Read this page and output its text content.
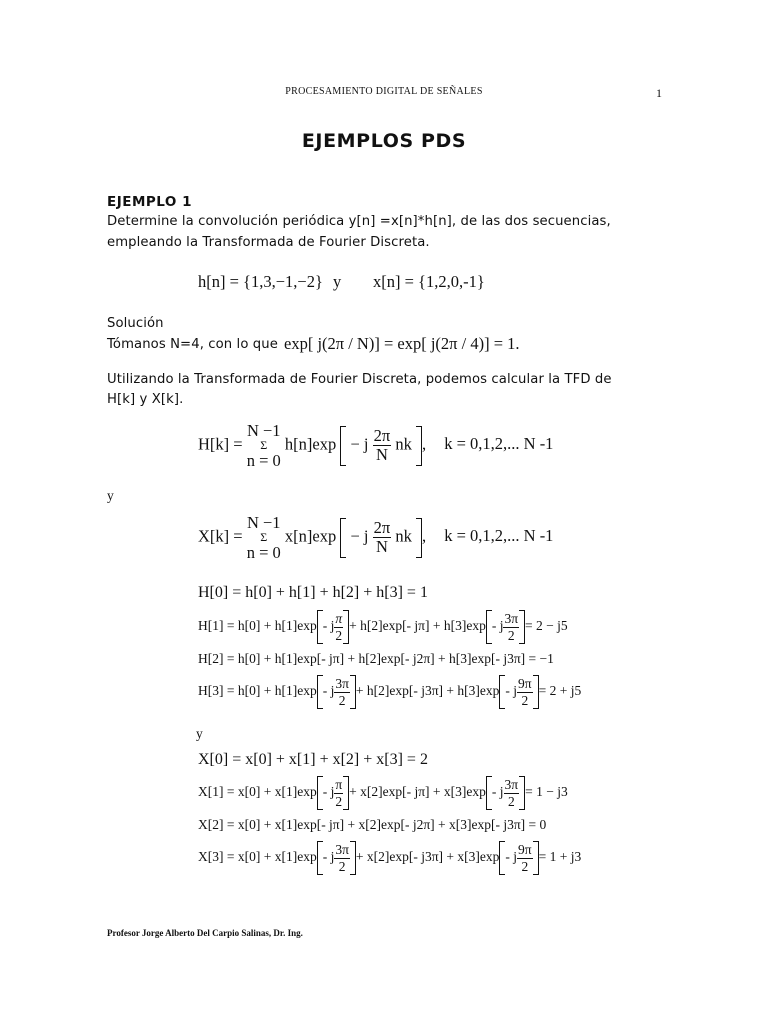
PROCESAMIENTO DIGITAL DE SEÑALES	1
EJEMPLOS PDS
EJEMPLO 1
Determine la convolución periódica y[n] =x[n]*h[n], de las dos secuencias,
empleando la Transformada de Fourier Discreta.
h[n] = {1,3,−1,−2} y x[n] = {1,2,0,-1}
Solución
Tómanos N=4, con lo que exp[ j(2π / N)] = exp[ j(2π / 4)] = 1.
Utilizando la Transformada de Fourier Discreta, podemos calcular la TFD de
H[k] y X[k].
H[k] =
N −1
Σ
n = 0
h[n]exp − j $\frac{2\pi}{N}$ nk , k = 0,1,2,... N -1
y
X[k] =
N −1
Σ
n = 0
x[n]exp − j $\frac{2\pi}{N}$ nk , k = 0,1,2,... N -1
H[0] = h[0] + h[1] + h[2] + h[3] = 1
H[1] = h[0] + h[1]exp - j $\frac{\pi}{2} + h[2]\exp[-$ jπ] + h[3]exp - j $\frac{3\pi}{2} = 2 - j5$
H[2] = h[0] + h[1]exp[- jπ] + h[2]exp[- j2π] + h[3]exp[- j3π] = −1
H[3] = h[0] + h[1]exp - j $\frac{3\pi}{2} + h[2]\exp[-$ j3π] + h[3]exp - j $\frac{9\pi}{2} = 2 + j5$
y
X[0] = x[0] + x[1] + x[2] + x[3] = 2
X[1] = x[0] + x[1]exp - j $\frac{\pi}{2} + x[2]\exp[-$ jπ] + x[3]exp - j $\frac{3\pi}{2} = 1 - j3$
X[2] = x[0] + x[1]exp[- jπ] + x[2]exp[- j2π] + x[3]exp[- j3π] = 0
X[3] = x[0] + x[1]exp - j $\frac{3\pi}{2} + x[2]\exp[-$ j3π] + x[3]exp - j $\frac{9\pi}{2} = 1 + j3$
Profesor Jorge Alberto Del Carpio Salinas, Dr. Ing.
